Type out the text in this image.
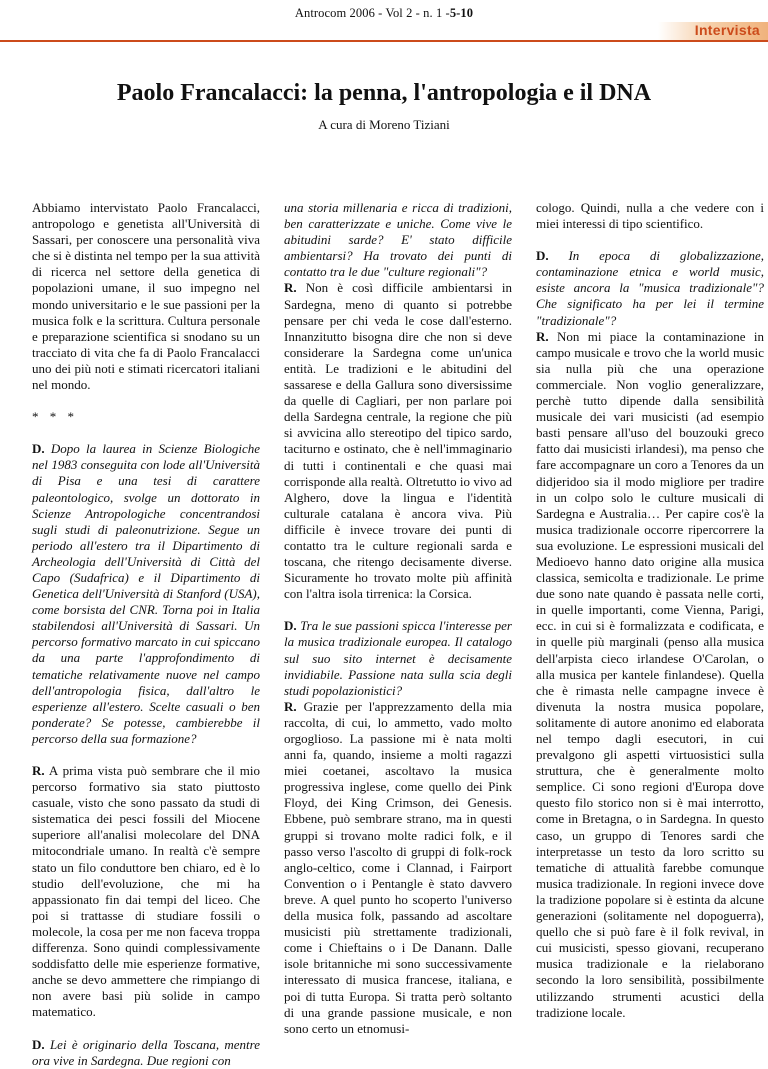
Antrocom 2006 - Vol 2 - n. 1 -5-10
Intervista
Paolo Francalacci: la penna, l'antropologia e il DNA
A cura di Moreno Tiziani

Abbiamo intervistato Paolo Francalacci, antropologo e genetista all'Università di Sassari, per conoscere una personalità viva che si è distinta nel tempo per la sua attività di ricerca nel settore della genetica di popolazioni umane, il suo impegno nel mondo universitario e le sue passioni per la musica folk e la scrittura. Cultura personale e preparazione scientifica si snodano su un tracciato di vita che fa di Paolo Francalacci uno dei più noti e stimati ricercatori italiani nel mondo.

* * *

D. Dopo la laurea in Scienze Biologiche nel 1983 conseguita con lode all'Università di Pisa e una tesi di carattere paleontologico, svolge un dottorato in Scienze Antropologiche concentrandosi sugli studi di paleonutrizione. Segue un periodo all'estero tra il Dipartimento di Archeologia dell'Università di Città del Capo (Sudafrica) e il Dipartimento di Genetica dell'Università di Stanford (USA), come borsista del CNR. Torna poi in Italia stabilendosi all'Università di Sassari. Un percorso formativo marcato in cui spiccano da una parte l'approfondimento di tematiche relativamente nuove nel campo dell'antropologia fisica, dall'altro le esperienze all'estero. Scelte casuali o ben ponderate? Se potesse, cambierebbe il percorso della sua formazione?

R. A prima vista può sembrare che il mio percorso formativo sia stato piuttosto casuale, visto che sono passato da studi di sistematica dei pesci fossili del Miocene superiore all'analisi molecolare del DNA mitocondriale umano. In realtà c'è sempre stato un filo conduttore ben chiaro, ed è lo studio dell'evoluzione, che mi ha appassionato fin dai tempi del liceo. Che poi si trattasse di studiare fossili o molecole, la cosa per me non faceva troppa differenza. Sono quindi complessivamente soddisfatto delle mie esperienze formative, anche se devo ammettere che rimpiango di non avere basi più solide in campo matematico.

D. Lei è originario della Toscana, mentre ora vive in Sardegna. Due regioni con

una storia millenaria e ricca di tradizioni, ben caratterizzate e uniche. Come vive le abitudini sarde? E' stato difficile ambientarsi? Ha trovato dei punti di contatto tra le due "culture regionali"?

R. Non è così difficile ambientarsi in Sardegna, meno di quanto si potrebbe pensare per chi veda le cose dall'esterno. Innanzitutto bisogna dire che non si deve considerare la Sardegna come un'unica entità. Le tradizioni e le abitudini del sassarese e della Gallura sono diversissime da quelle di Cagliari, per non parlare poi della Sardegna centrale, la regione che più si avvicina allo stereotipo del tipico sardo, taciturno e ostinato, che è nell'immaginario di tutti i continentali e che quasi mai corrisponde alla realtà. Oltretutto io vivo ad Alghero, dove la lingua e l'identità culturale catalana è ancora viva. Più difficile è invece trovare dei punti di contatto tra le culture regionali sarda e toscana, che ritengo decisamente diverse. Sicuramente ho trovato molte più affinità con l'altra isola tirrenica: la Corsica.

D. Tra le sue passioni spicca l'interesse per la musica tradizionale europea. Il catalogo sul suo sito internet è decisamente invidiabile. Passione nata sulla scia degli studi popolazionistici?

R. Grazie per l'apprezzamento della mia raccolta, di cui, lo ammetto, vado molto orgoglioso. La passione mi è nata molti anni fa, quando, insieme a molti ragazzi miei coetanei, ascoltavo la musica progressiva inglese, come quello dei Pink Floyd, dei King Crimson, dei Genesis. Ebbene, può sembrare strano, ma in questi gruppi si trovano molte radici folk, e il passo verso l'ascolto di gruppi di folk-rock anglo-celtico, come i Clannad, i Fairport Convention o i Pentangle è stato davvero breve. A quel punto ho scoperto l'universo della musica folk, passando ad ascoltare musicisti più strettamente tradizionali, come i Chieftains o i De Danann. Dalle isole britanniche mi sono successivamente interessato di musica francese, italiana, e poi di tutta Europa. Si tratta però soltanto di una grande passione musicale, e non sono certo un etnomusi-

cologo. Quindi, nulla a che vedere con i miei interessi di tipo scientifico.

D. In epoca di globalizzazione, contaminazione etnica e world music, esiste ancora la "musica tradizionale"? Che significato ha per lei il termine "tradizionale"?

R. Non mi piace la contaminazione in campo musicale e trovo che la world music sia nulla più che una operazione commerciale. Non voglio generalizzare, perchè tutto dipende dalla sensibilità musicale dei vari musicisti (ad esempio basti pensare all'uso del bouzouki greco fatto dai musicisti irlandesi), ma penso che fare accompagnare un coro a Tenores da un didjeridoo sia il modo migliore per tradire in un colpo solo le culture musicali di Sardegna e Australia… Per capire cos'è la musica tradizionale occorre ripercorrere la sua evoluzione. Le espressioni musicali del Medioevo hanno dato origine alla musica classica, semicolta e tradizionale. Le prime due sono nate quando è passata nelle corti, in quelle importanti, come Vienna, Parigi, ecc. in cui si è formalizzata e codificata, e in quelle più marginali (penso alla musica dell'arpista cieco irlandese O'Carolan, o alla musica per kantele finlandese). Quella che è rimasta nelle campagne invece è divenuta la nostra musica popolare, solitamente di autore anonimo ed elaborata nel tempo dagli esecutori, in cui prevalgono gli aspetti virtuosistici sulla struttura, che è generalmente molto semplice. Ci sono regioni d'Europa dove questo filo storico non si è mai interrotto, come in Bretagna, o in Sardegna. In questo caso, un gruppo di Tenores sardi che interpretasse un testo da loro scritto su tematiche di attualità farebbe comunque musica tradizionale. In regioni invece dove la tradizione popolare si è estinta da alcune generazioni (solitamente nel dopoguerra), quello che si può fare è il folk revival, in cui musicisti, spesso giovani, recuperano musica tradizionale e la rielaborano secondo la loro sensibilità, possibilmente utilizzando strumenti acustici della tradizione locale.
